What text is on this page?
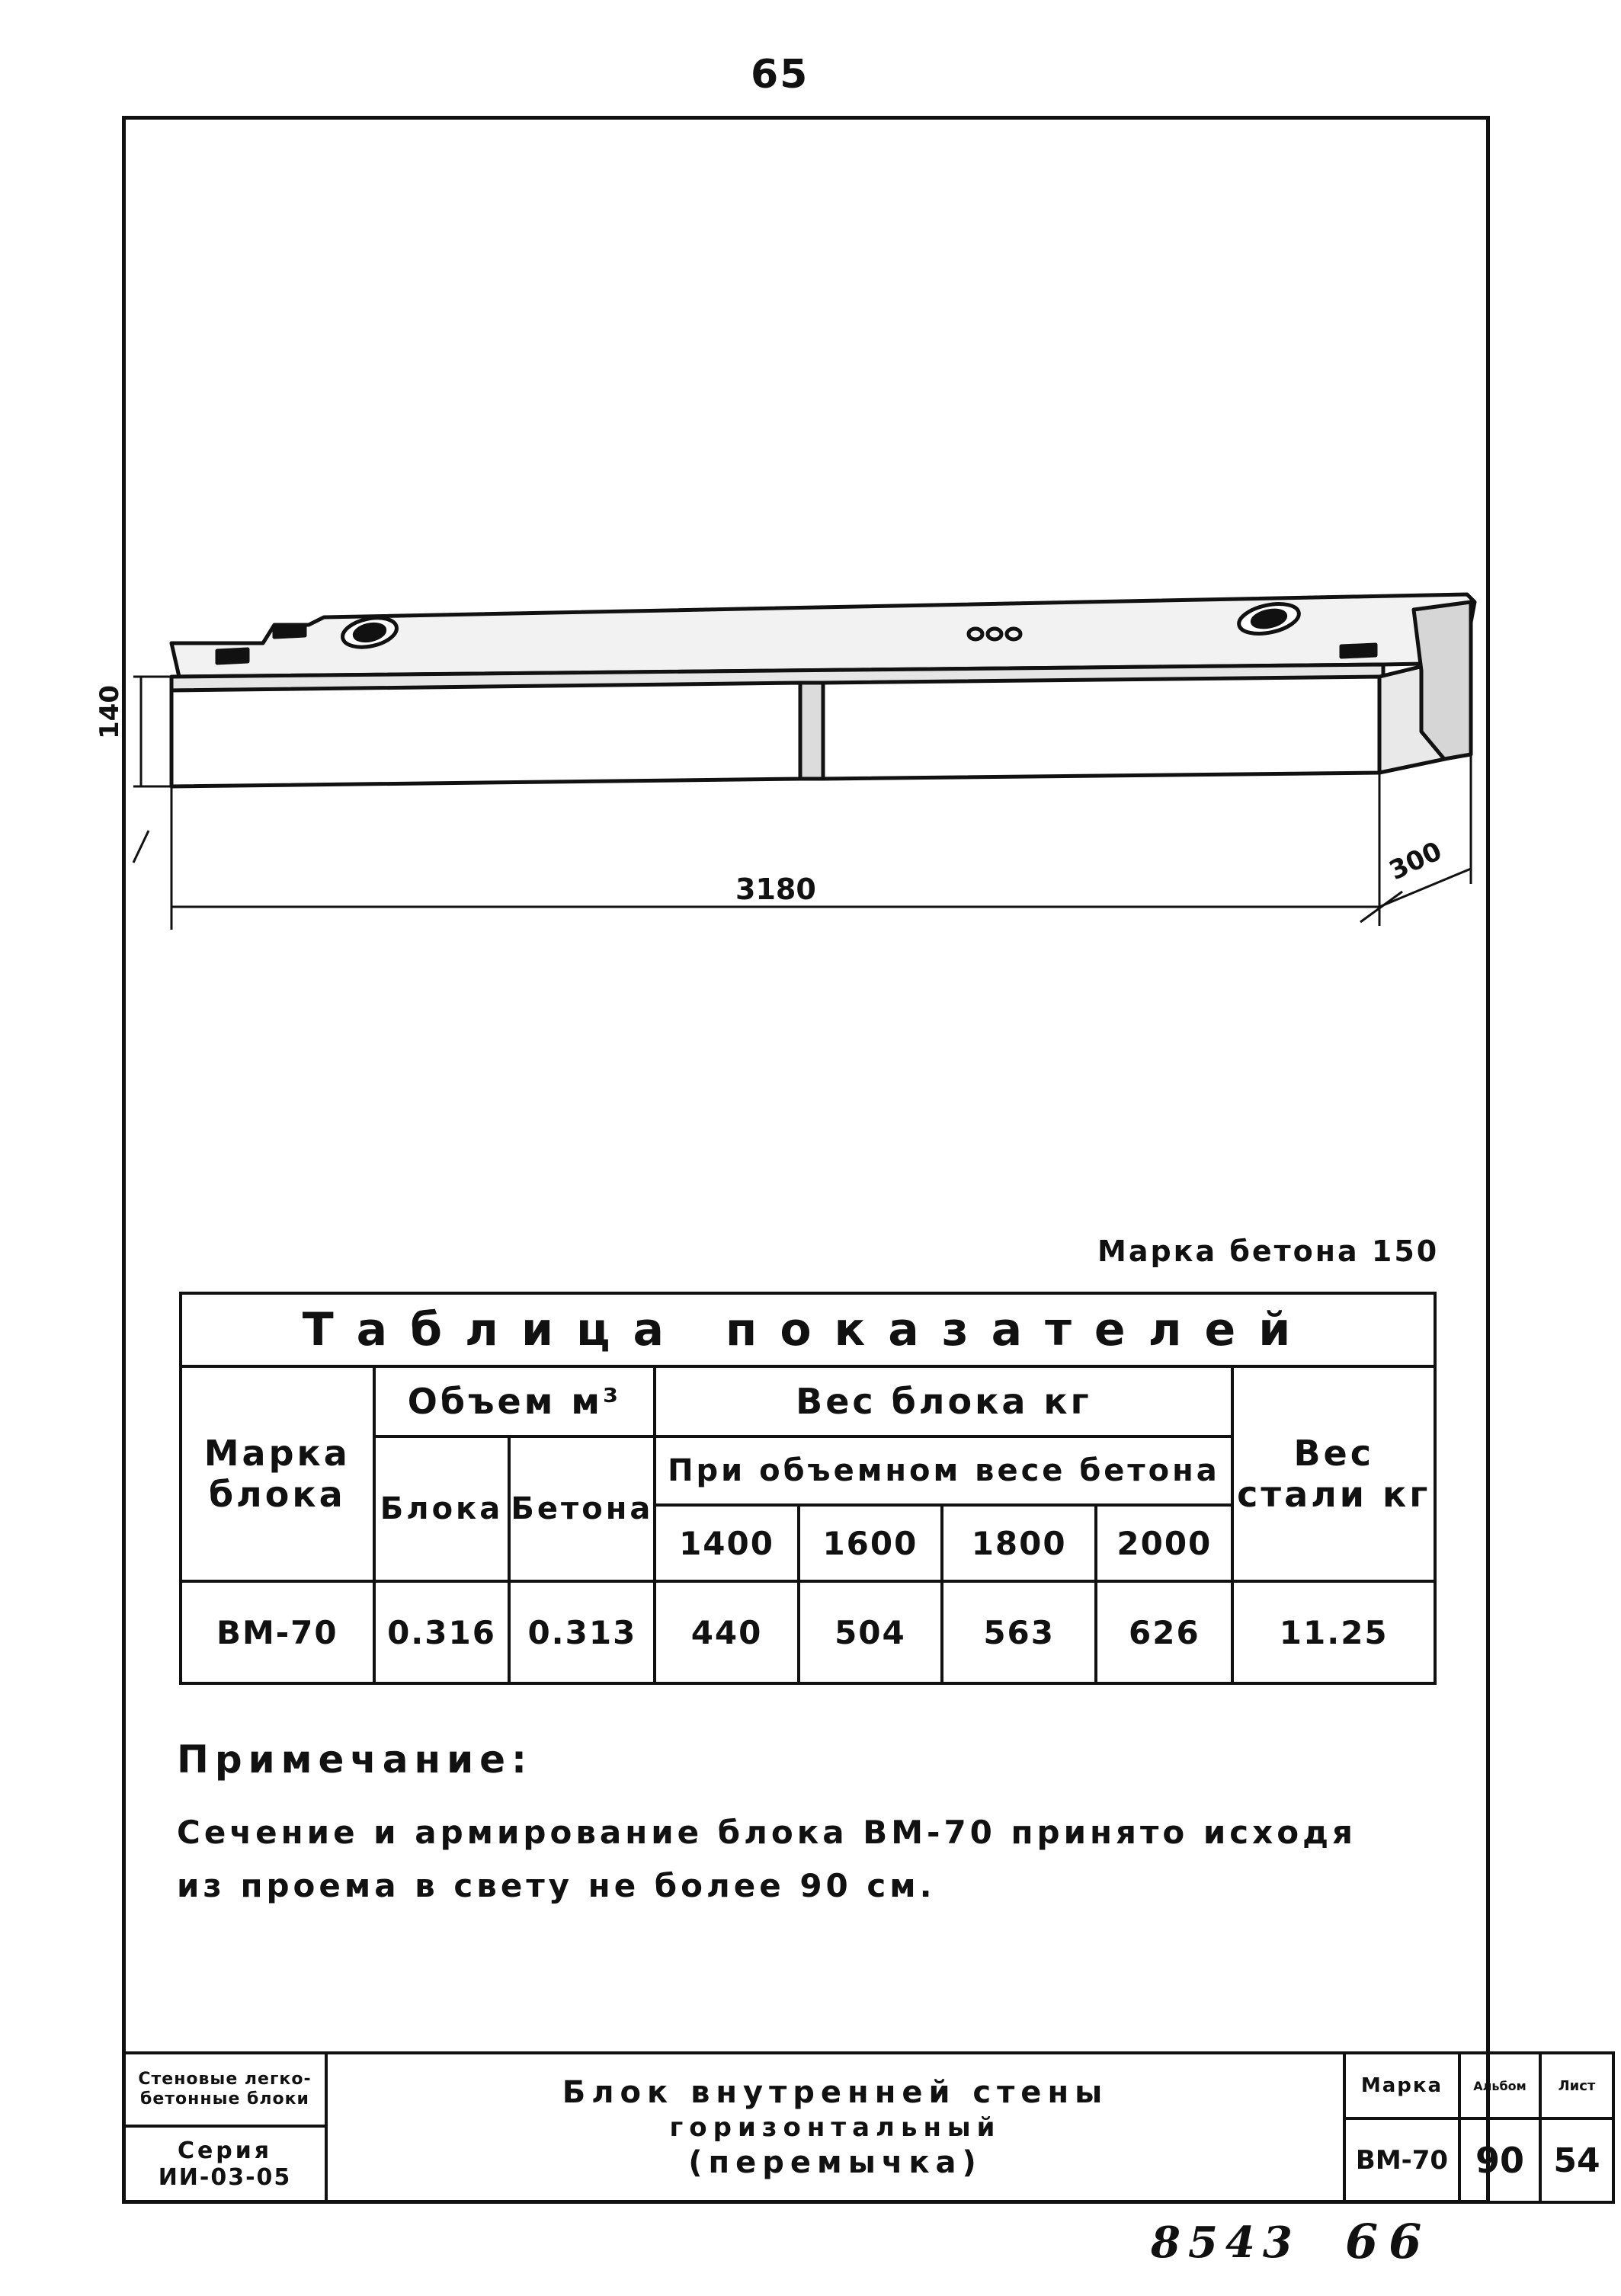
65
140
3180
300
Марка бетона 150
Таблица показателей							
Марка блока	Объем м³		Вес блока кг				Вес стали кг
	Блока	Бетона	При объемном весе бетона				
			1400	1600	1800	2000	
ВМ-70	0.316	0.313	440	504	563	626	11.25
Примечание:
Сечение и армирование блока ВМ-70 принято исходя
из проема в свету не более 90 см.
Стеновые легко-бетонные блоки
Серия
ИИ-03-05
Блок внутренней стены
горизонтальный
(перемычка)
Марка
ВМ-70
Альбом
90
Лист
54
8543 66
